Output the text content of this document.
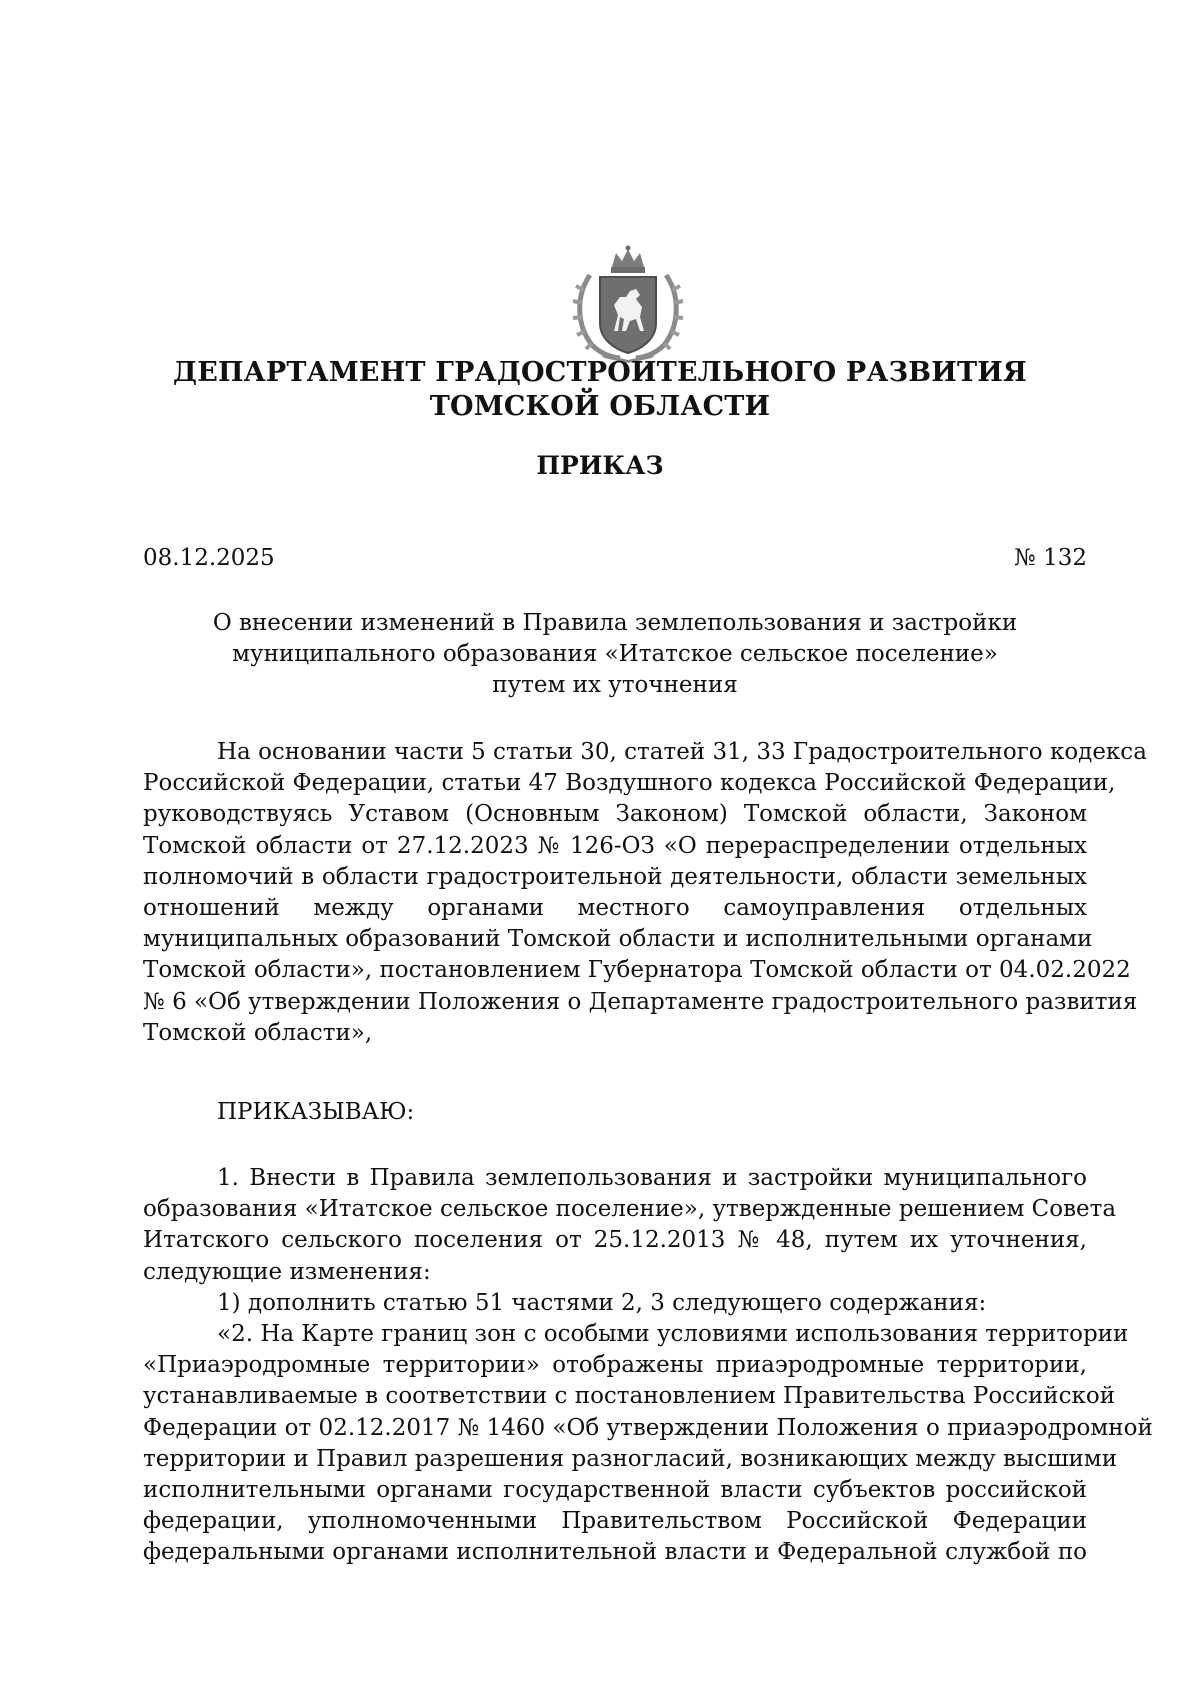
ДЕПАРТАМЕНТ ГРАДОСТРОИТЕЛЬНОГО РАЗВИТИЯ
ТОМСКОЙ ОБЛАСТИ
ПРИКАЗ
08.12.2025	№ 132
О внесении изменений в Правила землепользования и застройки
муниципального образования «Итатское сельское поселение»
путем их уточнения
На основании части 5 статьи 30, статей 31, 33 Градостроительного кодекса
Российской Федерации, статьи 47 Воздушного кодекса Российской Федерации,
руководствуясь Уставом (Основным Законом) Томской области, Законом
Томской области от 27.12.2023 № 126-ОЗ «О перераспределении отдельных
полномочий в области градостроительной деятельности, области земельных
отношений между органами местного самоуправления отдельных
муниципальных образований Томской области и исполнительными органами
Томской области», постановлением Губернатора Томской области от 04.02.2022
№ 6 «Об утверждении Положения о Департаменте градостроительного развития
Томской области»,
ПРИКАЗЫВАЮ:
1. Внести в Правила землепользования и застройки муниципального
образования «Итатское сельское поселение», утвержденные решением Совета
Итатского сельского поселения от 25.12.2013 № 48, путем их уточнения,
следующие изменения:
1) дополнить статью 51 частями 2, 3 следующего содержания:
«2. На Карте границ зон с особыми условиями использования территории
«Приаэродромные территории» отображены приаэродромные территории,
устанавливаемые в соответствии с постановлением Правительства Российской
Федерации от 02.12.2017 № 1460 «Об утверждении Положения о приаэродромной
территории и Правил разрешения разногласий, возникающих между высшими
исполнительными органами государственной власти субъектов российской
федерации, уполномоченными Правительством Российской Федерации
федеральными органами исполнительной власти и Федеральной службой по
